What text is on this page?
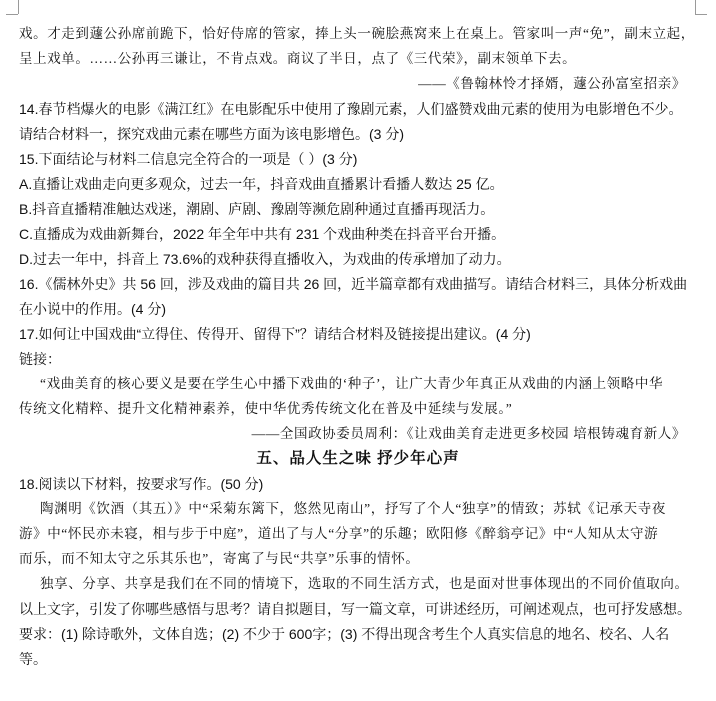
戏。才走到蘧公孙席前跪下，恰好侍席的管家，捧上头一碗脍燕窝来上在桌上。管家叫一声“免”，副末立起，
呈上戏单。……公孙再三谦让，不肯点戏。商议了半日，点了《三代荣》，副末领单下去。
——《鲁翰林怜才择婿，蘧公孙富室招亲》
14.春节档爆火的电影《满江红》在电影配乐中使用了豫剧元素，人们盛赞戏曲元素的使用为电影增色不少。
请结合材料一，探究戏曲元素在哪些方面为该电影增色。(3 分)
15.下面结论与材料二信息完全符合的一项是（ ）(3 分)
A.直播让戏曲走向更多观众，过去一年，抖音戏曲直播累计看播人数达 25 亿。
B.抖音直播精准触达戏迷，潮剧、庐剧、豫剧等濒危剧种通过直播再现活力。
C.直播成为戏曲新舞台，2022 年全年中共有 231 个戏曲种类在抖音平台开播。
D.过去一年中，抖音上 73.6%的戏种获得直播收入，为戏曲的传承增加了动力。
16.《儒林外史》共 56 回，涉及戏曲的篇目共 26 回，近半篇章都有戏曲描写。请结合材料三，具体分析戏曲
在小说中的作用。(4 分)
17.如何让中国戏曲“立得住、传得开、留得下”？请结合材料及链接提出建议。(4 分)
链接：
“戏曲美育的核心要义是要在学生心中播下戏曲的‘种子’，让广大青少年真正从戏曲的内涵上领略中华
传统文化精粹、提升文化精神素养，使中华优秀传统文化在普及中延续与发展。”
——全国政协委员周利：《让戏曲美育走进更多校园 培根铸魂育新人》
五、品人生之味 抒少年心声
18.阅读以下材料，按要求写作。(50 分)
陶渊明《饮酒（其五）》中“采菊东篱下，悠然见南山”，抒写了个人“独享”的情致；苏轼《记承天寺夜
游》中“怀民亦未寝，相与步于中庭”，道出了与人“分享”的乐趣；欧阳修《醉翁亭记》中“人知从太守游
而乐，而不知太守之乐其乐也”，寄寓了与民“共享”乐事的情怀。
独享、分享、共享是我们在不同的情境下，选取的不同生活方式，也是面对世事体现出的不同价值取向。
以上文字，引发了你哪些感悟与思考？请自拟题目，写一篇文章，可讲述经历，可阐述观点，也可抒发感想。
要求：(1) 除诗歌外，文体自选；(2) 不少于 600字；(3) 不得出现含考生个人真实信息的地名、校名、人名
等。
